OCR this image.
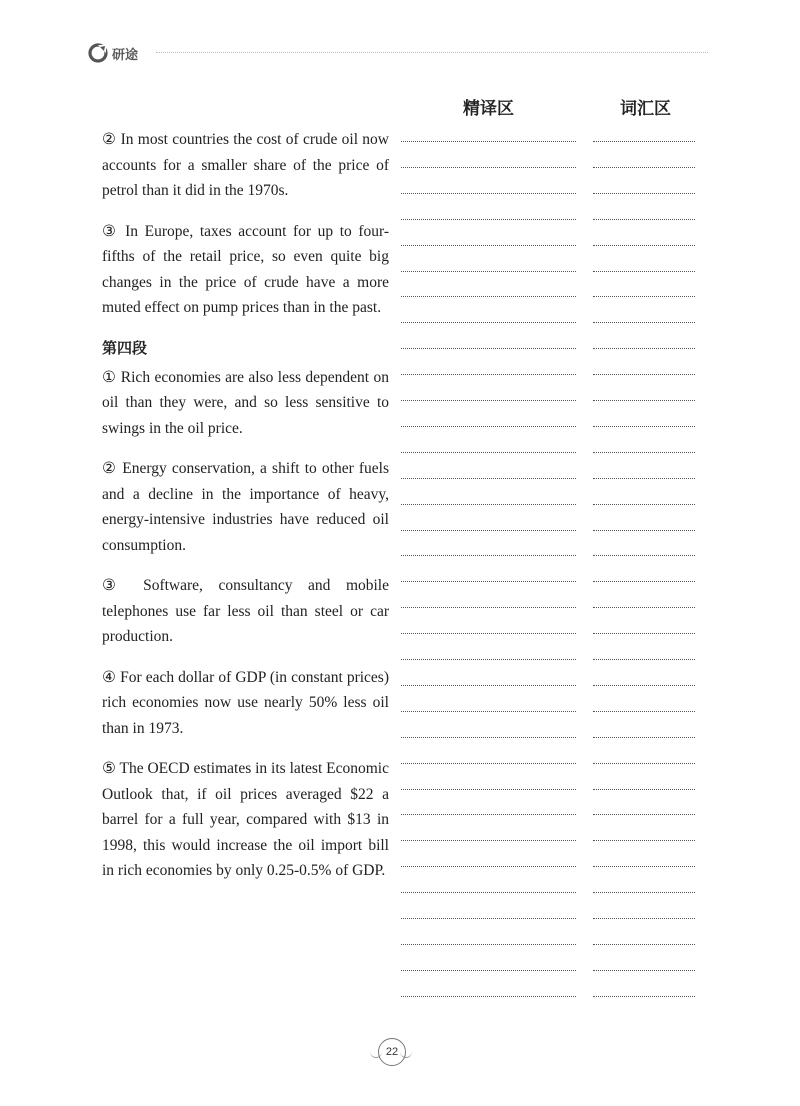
研途
精译区	词汇区

② In most countries the cost of crude oil now accounts for a smaller share of the price of petrol than it did in the 1970s.

③ In Europe, taxes account for up to four-fifths of the retail price, so even quite big changes in the price of crude have a more muted effect on pump prices than in the past.

第四段

① Rich economies are also less dependent on oil than they were, and so less sensitive to swings in the oil price.

② Energy conservation, a shift to other fuels and a decline in the importance of heavy, energy-intensive industries have reduced oil consumption.

③ Software, consultancy and mobile telephones use far less oil than steel or car production.

④ For each dollar of GDP (in constant prices) rich economies now use nearly 50% less oil than in 1973.

⑤ The OECD estimates in its latest Economic Outlook that, if oil prices averaged $22 a barrel for a full year, compared with $13 in 1998, this would increase the oil import bill in rich economies by only 0.25-0.5% of GDP.

22
